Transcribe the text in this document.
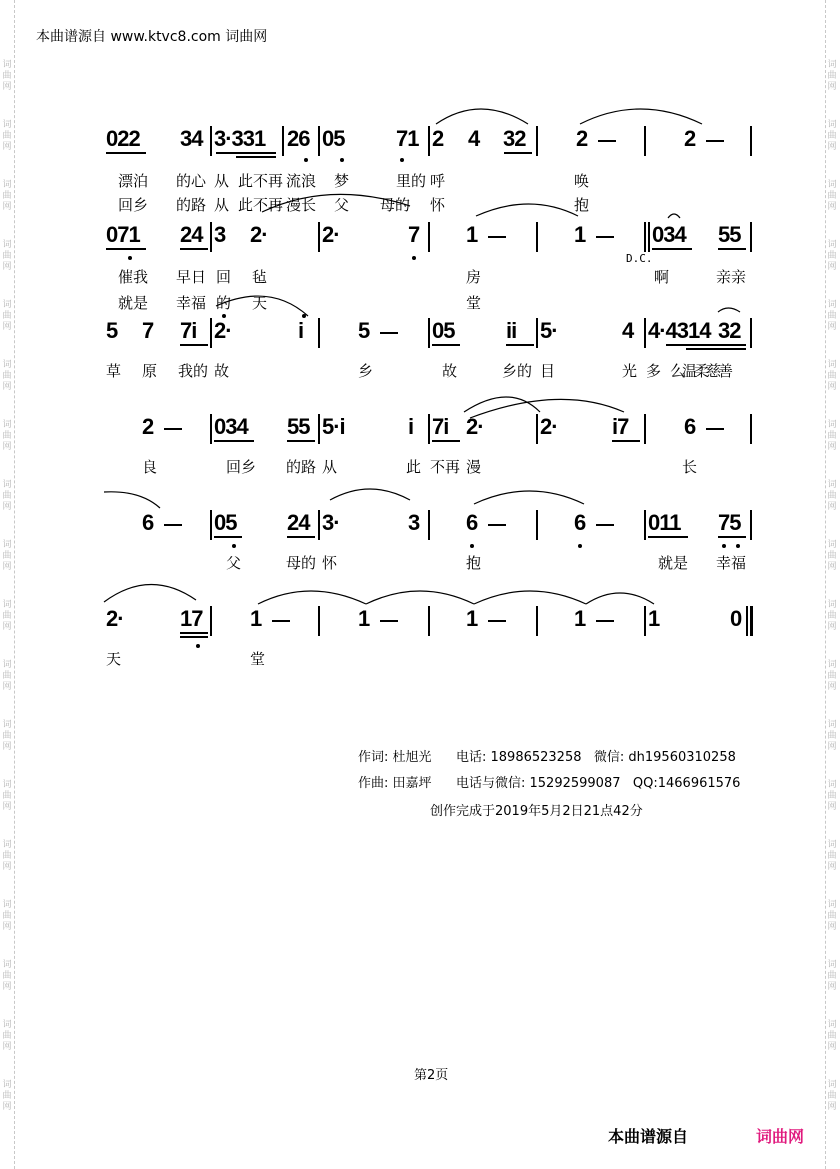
词
曲
网
词
曲
网
词
曲
网
词
曲
网
词
曲
网
词
曲
网
词
曲
网
词
曲
网
词
曲
网
词
曲
网
词
曲
网
词
曲
网
词
曲
网
词
曲
网
词
曲
网
词
曲
网
词
曲
网
词
曲
网
词
曲
网
词
曲
网
词
曲
网
词
曲
网
词
曲
网
词
曲
网
词
曲
网
词
曲
网
词
曲
网
词
曲
网
词
曲
网
词
曲
网
词
曲
网
词
曲
网
词
曲
网
词
曲
网
词
曲
网
词
曲
网
本曲谱源自 www.ktvc8.com 词曲网
022 34 3·331 26 05 71 2 4 32 2	2
漂泊 的心 从 此不再 流浪 梦	里的 呼	唤
回乡 的路 从 此不再 漫长 父 母的 怀	抱
071 24 3 2· 2·	7 1	1	034 55
D.C.
催我 早日 回 毡	房	啊	亲亲
就是 幸福 的 天	堂
5 7 7i 2·	i 5	05 ii 5·	4 4·4314 32
草 原 我的 故	乡	故	乡的 目	光 多 么温柔慈善
2	034 55 5·i	i 7i 2·	2· i7	6
良	回乡 的路 从	此 不再 漫	长
6	05 24 3·	3 6	6	011 75
父	母的 怀	抱	就是 幸福
2·	17 1	1	1	1	1	0
天	堂
作词: 杜旭光 电话: 18986523258   微信: dh19560310258
作曲: 田嘉坪 电话与微信: 15292599087   QQ:1466961576
创作完成于2019年5月2日21点42分
第2页
本曲谱源自	词曲网
